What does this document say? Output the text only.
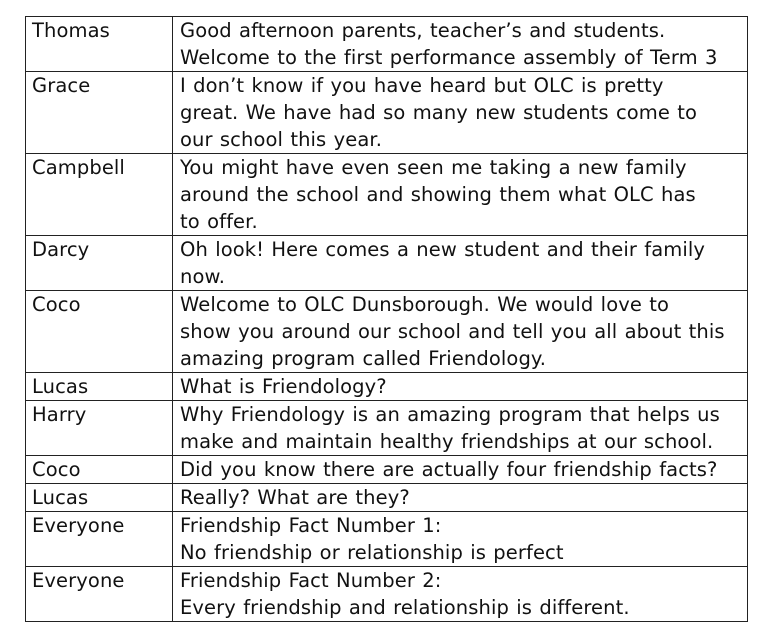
Thomas	Good afternoon parents, teacher’s and students.
Welcome to the first performance assembly of Term 3

Grace	I don’t know if you have heard but OLC is pretty
great. We have had so many new students come to
our school this year.

Campbell	You might have even seen me taking a new family
around the school and showing them what OLC has
to offer.

Darcy	Oh look! Here comes a new student and their family
now.

Coco	Welcome to OLC Dunsborough. We would love to
show you around our school and tell you all about this
amazing program called Friendology.

Lucas	What is Friendology?

Harry	Why Friendology is an amazing program that helps us
make and maintain healthy friendships at our school.

Coco	Did you know there are actually four friendship facts?

Lucas	Really? What are they?

Everyone	Friendship Fact Number 1:
No friendship or relationship is perfect

Everyone	Friendship Fact Number 2:
Every friendship and relationship is different.
